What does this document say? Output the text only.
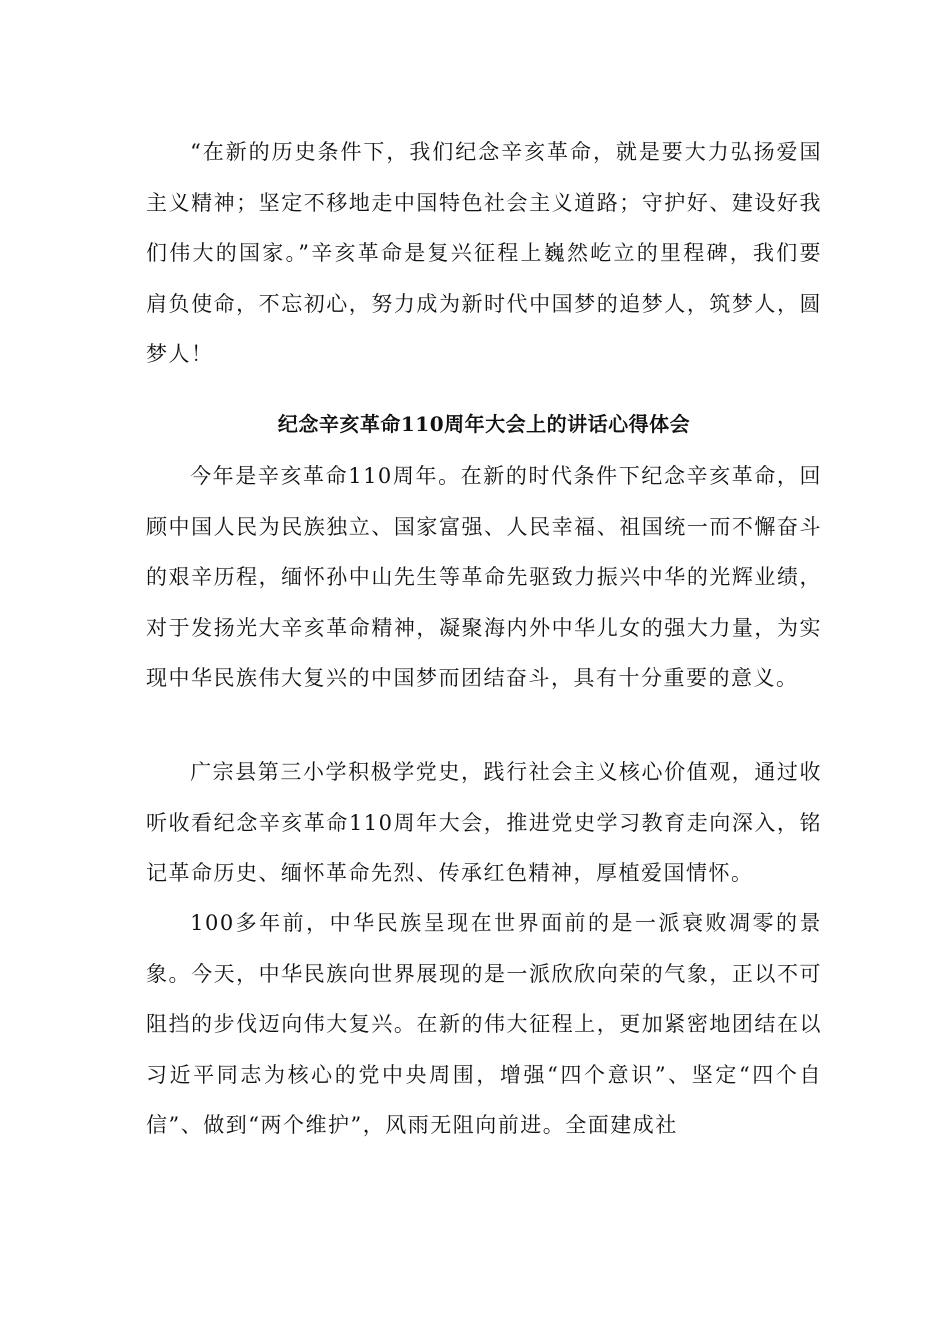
“在新的历史条件下，我们纪念辛亥革命，就是要大力弘扬爱国主义精神；坚定不移地走中国特色社会主义道路；守护好、建设好我们伟大的国家。”辛亥革命是复兴征程上巍然屹立的里程碑，我们要肩负使命，不忘初心，努力成为新时代中国梦的追梦人，筑梦人，圆梦人！

纪念辛亥革命110周年大会上的讲话心得体会

今年是辛亥革命110周年。在新的时代条件下纪念辛亥革命，回顾中国人民为民族独立、国家富强、人民幸福、祖国统一而不懈奋斗的艰辛历程，缅怀孙中山先生等革命先驱致力振兴中华的光辉业绩，对于发扬光大辛亥革命精神，凝聚海内外中华儿女的强大力量，为实现中华民族伟大复兴的中国梦而团结奋斗，具有十分重要的意义。

广宗县第三小学积极学党史，践行社会主义核心价值观，通过收听收看纪念辛亥革命110周年大会，推进党史学习教育走向深入，铭记革命历史、缅怀革命先烈、传承红色精神，厚植爱国情怀。

100多年前，中华民族呈现在世界面前的是一派衰败凋零的景象。今天，中华民族向世界展现的是一派欣欣向荣的气象，正以不可阻挡的步伐迈向伟大复兴。在新的伟大征程上，更加紧密地团结在以习近平同志为核心的党中央周围，增强“四个意识”、坚定“四个自信”、做到“两个维护”，风雨无阻向前进。全面建成社
